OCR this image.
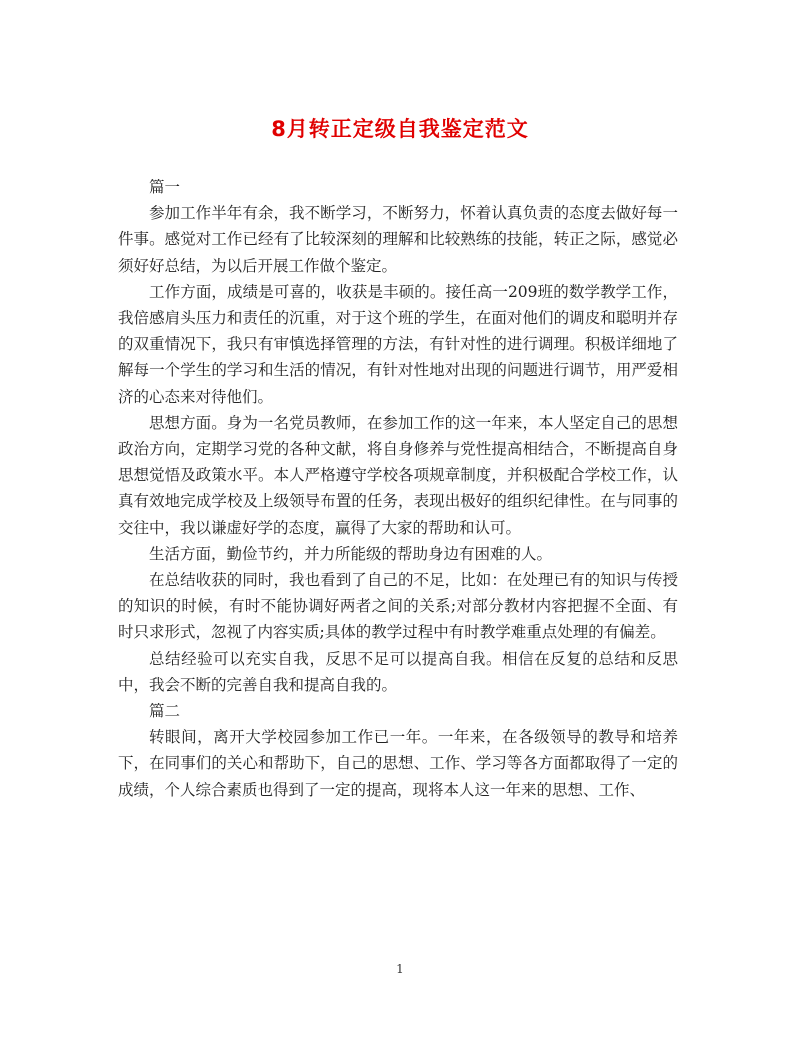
8月转正定级自我鉴定范文

篇一

参加工作半年有余，我不断学习，不断努力，怀着认真负责的态度去做好每一件事。感觉对工作已经有了比较深刻的理解和比较熟练的技能，转正之际，感觉必须好好总结，为以后开展工作做个鉴定。

工作方面，成绩是可喜的，收获是丰硕的。接任高一209班的数学教学工作，我倍感肩头压力和责任的沉重，对于这个班的学生，在面对他们的调皮和聪明并存的双重情况下，我只有审慎选择管理的方法，有针对性的进行调理。积极详细地了解每一个学生的学习和生活的情况，有针对性地对出现的问题进行调节，用严爱相济的心态来对待他们。

思想方面。身为一名党员教师，在参加工作的这一年来，本人坚定自己的思想政治方向，定期学习党的各种文献，将自身修养与党性提高相结合，不断提高自身思想觉悟及政策水平。本人严格遵守学校各项规章制度，并积极配合学校工作，认真有效地完成学校及上级领导布置的任务，表现出极好的组织纪律性。在与同事的交往中，我以谦虚好学的态度，赢得了大家的帮助和认可。

生活方面，勤俭节约，并力所能级的帮助身边有困难的人。

在总结收获的同时，我也看到了自己的不足，比如：在处理已有的知识与传授的知识的时候，有时不能协调好两者之间的关系;对部分教材内容把握不全面、有时只求形式，忽视了内容实质;具体的教学过程中有时教学难重点处理的有偏差。

总结经验可以充实自我，反思不足可以提高自我。相信在反复的总结和反思中，我会不断的完善自我和提高自我的。

篇二

转眼间，离开大学校园参加工作已一年。一年来，在各级领导的教导和培养下，在同事们的关心和帮助下，自己的思想、工作、学习等各方面都取得了一定的成绩，个人综合素质也得到了一定的提高，现将本人这一年来的思想、工作、

1
